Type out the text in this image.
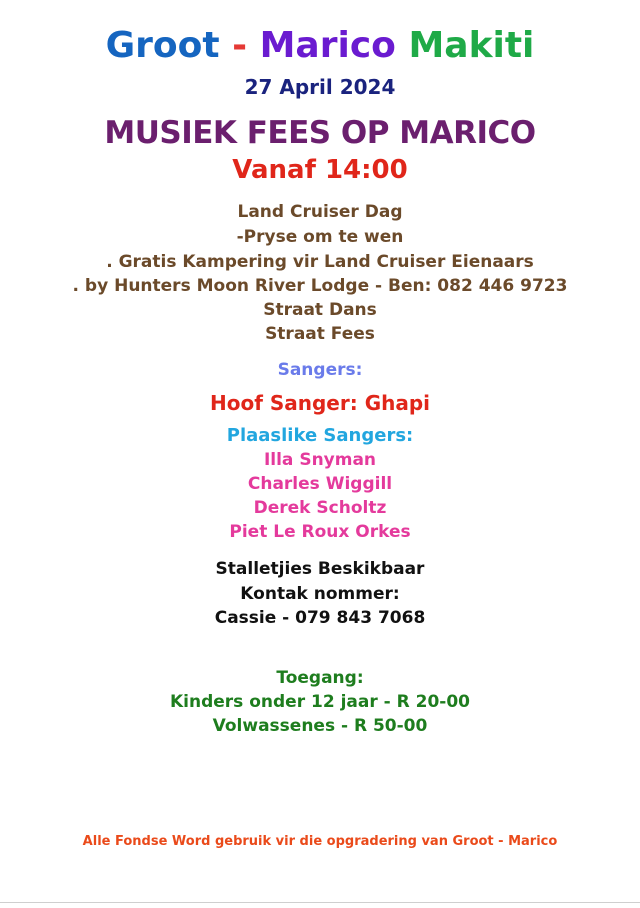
Groot - Marico Makiti
27 April 2024
MUSIEK FEES OP MARICO
Vanaf 14:00
Land Cruiser Dag
-Pryse om te wen
. Gratis Kampering vir Land Cruiser Eienaars
. by Hunters Moon River Lodge - Ben: 082 446 9723
Straat Dans
Straat Fees
Sangers:
Hoof Sanger: Ghapi
Plaaslike Sangers:
Illa Snyman
Charles Wiggill
Derek Scholtz
Piet Le Roux Orkes
Stalletjies Beskikbaar
Kontak nommer:
Cassie - 079 843 7068
Toegang:
Kinders onder 12 jaar - R 20-00
Volwassenes - R 50-00
Alle Fondse Word gebruik vir die opgradering van Groot - Marico
